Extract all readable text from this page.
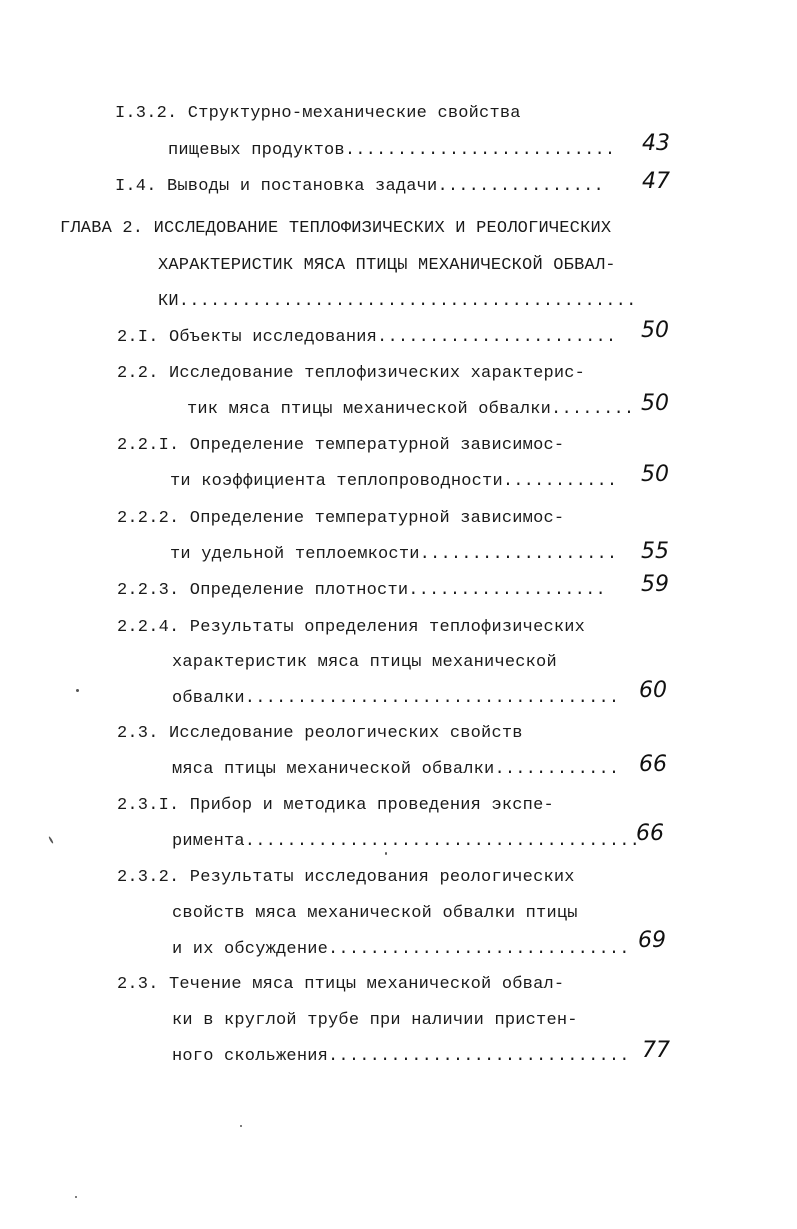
I.3.2. Структурно-механические свойства
пищевых продуктов.......................... 43
I.4. Выводы и постановка задачи................ 47
ГЛАВА 2. ИССЛЕДОВАНИЕ ТЕПЛОФИЗИЧЕСКИХ И РЕОЛОГИЧЕСКИХ
ХАРАКТЕРИСТИК МЯСА ПТИЦЫ МЕХАНИЧЕСКОЙ ОБВАЛ-
КИ............................................
2.I. Объекты исследования....................... 50
2.2. Исследование теплофизических характерис-
тик мяса птицы механической обвалки........ 50
2.2.I. Определение температурной зависимос-
ти коэффициента теплопроводности........... 50
2.2.2. Определение температурной зависимос-
ти удельной теплоемкости................... 55
2.2.3. Определение плотности................... 59
2.2.4. Результаты определения теплофизических
характеристик мяса птицы механической
обвалки.................................... 60
2.3. Исследование реологических свойств
мяса птицы механической обвалки............ 66
2.3.I. Прибор и методика проведения экспе-
римента......................................
66
2.3.2. Результаты исследования реологических
свойств мяса механической обвалки птицы
и их обсуждение............................. 69
2.3. Течение мяса птицы механической обвал-
ки в круглой трубе при наличии пристен-
ного скольжения............................. 77
